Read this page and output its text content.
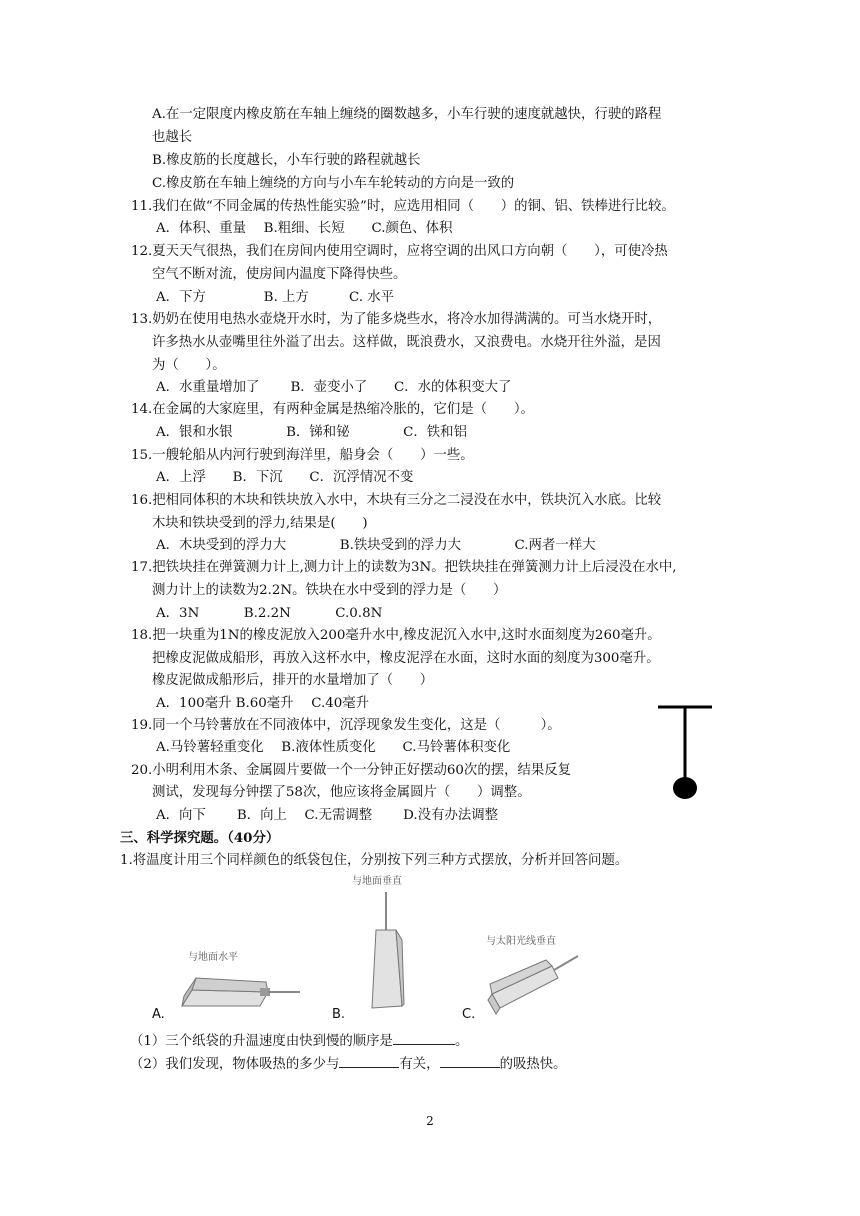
A.在一定限度内橡皮筋在车轴上缠绕的圈数越多，小车行驶的速度就越快，行驶的路程
也越长
B.橡皮筋的长度越长，小车行驶的路程就越长
C.橡皮筋在车轴上缠绕的方向与小车车轮转动的方向是一致的
11.我们在做“不同金属的传热性能实验”时，应选用相同（　　）的铜、铝、铁棒进行比较。
A．体积、重量　 B.粗细、长短　　C.颜色、体积
12.夏天天气很热，我们在房间内使用空调时，应将空调的出风口方向朝（　　），可使冷热
空气不断对流，使房间内温度下降得快些。
A．下方　　　　 B. 上方　　　C. 水平
13.奶奶在使用电热水壶烧开水时，为了能多烧些水，将冷水加得满满的。可当水烧开时，
许多热水从壶嘴里往外溢了出去。这样做，既浪费水，又浪费电。水烧开往外溢，是因
为（　　）。
A．水重量增加了　　 B．壶变小了　　C．水的体积变大了
14.在金属的大家庭里，有两种金属是热缩冷胀的，它们是（　　）。
A．银和水银　　　　B．锑和铋　　　　C．铁和铝
15.一艘轮船从内河行驶到海洋里，船身会（　　）一些。
A．上浮　　B．下沉　　C．沉浮情况不变
16.把相同体积的木块和铁块放入水中，木块有三分之二浸没在水中，铁块沉入水底。比较
木块和铁块受到的浮力,结果是(　　)
A．木块受到的浮力大　　　　B.铁块受到的浮力大　　　　C.两者一样大
17.把铁块挂在弹簧测力计上,测力计上的读数为3N。把铁块挂在弹簧测力计上后浸没在水中,
测力计上的读数为2.2N。铁块在水中受到的浮力是（　　）
A．3N　　　 B.2.2N　　　 C.0.8N
18.把一块重为1N的橡皮泥放入200毫升水中,橡皮泥沉入水中,这时水面刻度为260毫升。
把橡皮泥做成船形，再放入这杯水中，橡皮泥浮在水面，这时水面的刻度为300毫升。
橡皮泥做成船形后，排开的水量增加了（　　）
A．100毫升 B.60毫升　 C.40毫升
19.同一个马铃薯放在不同液体中，沉浮现象发生变化，这是（　　　）。
A.马铃薯轻重变化　 B.液体性质变化　　C.马铃薯体积变化
20.小明利用木条、金属圆片要做一个一分钟正好摆动60次的摆，结果反复
测试，发现每分钟摆了58次，他应该将金属圆片（　　）调整。
A．向下　　 B．向上　 C.无需调整　　 D.没有办法调整
三、科学探究题。（40分）
1.将温度计用三个同样颜色的纸袋包住，分别按下列三种方式摆放，分析并回答问题。
与地面水平
A.
与地面垂直
B.
与太阳光线垂直
C.
（1）三个纸袋的升温速度由快到慢的顺序是	。
（2）我们发现，物体吸热的多少与	有关，	的吸热快。
2
